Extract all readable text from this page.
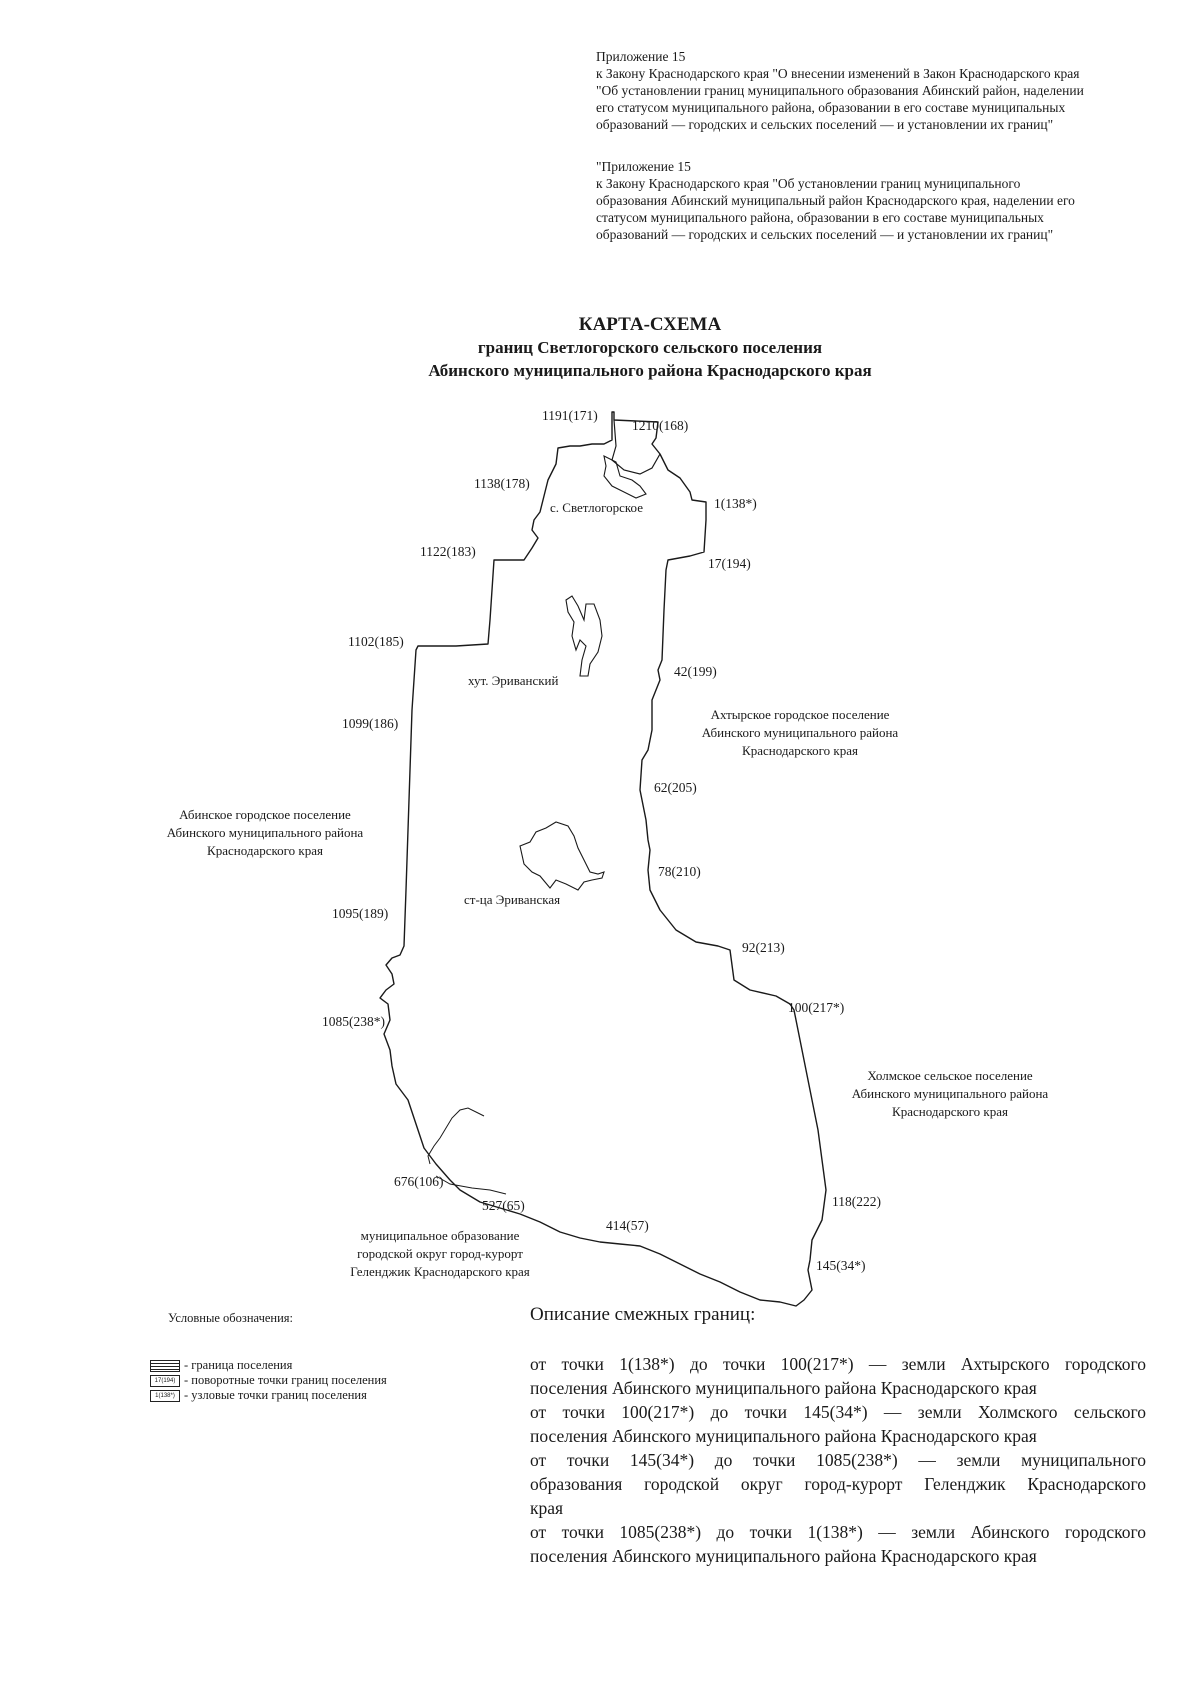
Приложение 15
к Закону Краснодарского края "О внесении изменений в Закон Краснодарского края
"Об установлении границ муниципального образования Абинский район, наделении
его статусом муниципального района, образовании в его составе муниципальных
образований — городских и сельских поселений — и установлении их границ"
"Приложение 15
к Закону Краснодарского края "Об установлении границ муниципального
образования Абинский муниципальный район Краснодарского края, наделении его
статусом муниципального района, образовании в его составе муниципальных
образований — городских и сельских поселений — и установлении их границ"
КАРТА-СХЕМА
границ Светлогорского сельского поселения
Абинского муниципального района Краснодарского края
1191(171)
1210(168)
1138(178)
1(138*)
17(194)
1122(183)
1102(185)
42(199)
1099(186)
62(205)
78(210)
1095(189)
92(213)
100(217*)
1085(238*)
118(222)
676(106)
527(65)
414(57)
145(34*)
с. Светлогорское
хут. Эриванский
ст-ца Эриванская
Ахтырское городское поселение
Абинского муниципального района
Краснодарского края
Абинское городское поселение
Абинского муниципального района
Краснодарского края
Холмское сельское поселение
Абинского муниципального района
Краснодарского края
муниципальное образование
городской округ город-курорт
Геленджик Краснодарского края
Условные обозначения:
- граница поселения
17(194) - поворотные точки границ поселения
1(138*) - узловые точки границ поселения
Описание смежных границ:
от точки 1(138*) до точки 100(217*) — земли Ахтырского городского
поселения Абинского муниципального района Краснодарского края
от точки 100(217*) до точки 145(34*) — земли Холмского сельского
поселения Абинского муниципального района Краснодарского края
от точки 145(34*) до точки 1085(238*) — земли муниципального
образования городской округ город-курорт Геленджик Краснодарского
края
от точки 1085(238*) до точки 1(138*) — земли Абинского городского
поселения Абинского муниципального района Краснодарского края
